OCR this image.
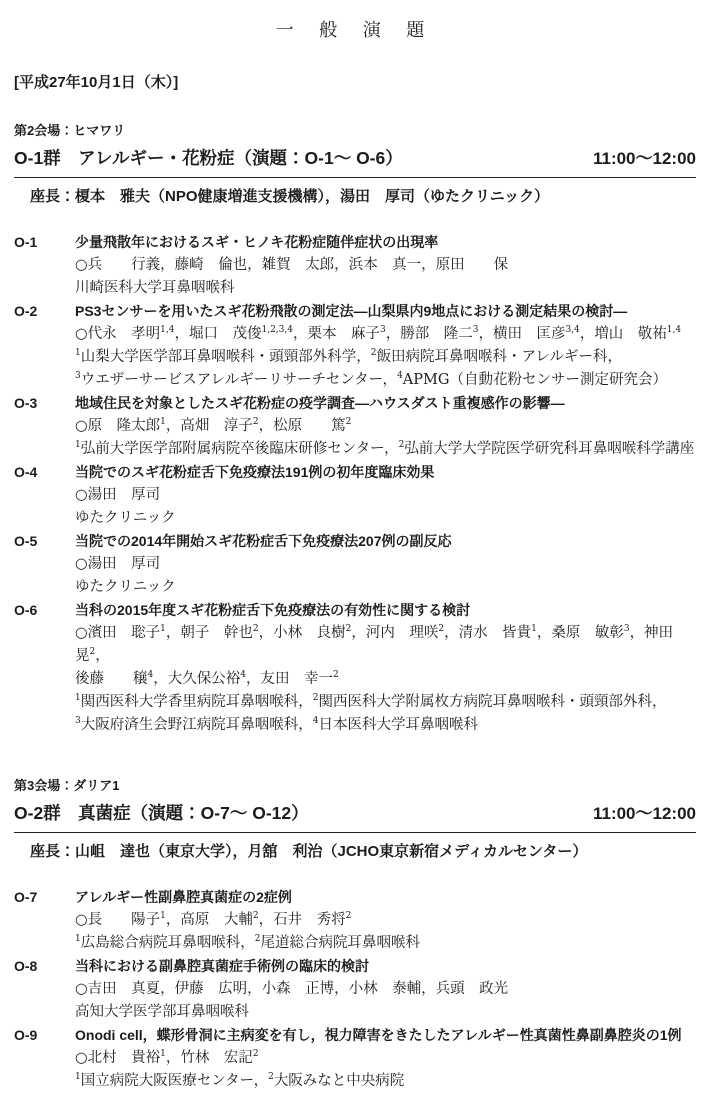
一 般 演 題
[平成27年10月1日（木）]
第2会場：ヒマワリ
O-1群　アレルギー・花粉症（演題：O-1〜 O-6）	11:00〜12:00
座長：榎本　雅夫（NPO健康増進支援機構），湯田　厚司（ゆたクリニック）
O-1	少量飛散年におけるスギ・ヒノキ花粉症随伴症状の出現率
○兵　　行義，藤崎　倫也，雑賀　太郎，浜本　真一，原田　　保
川崎医科大学耳鼻咽喉科
O-2	PS3センサーを用いたスギ花粉飛散の測定法―山梨県内9地点における測定結果の検討―
○代永　孝明$^{1,4}$，堀口　茂俊$^{1,2,3,4}$，栗本　麻子$^3$，勝部　隆二$^3$，横田　匡彦$^{3,4}$，増山　敬祐$^{1,4}$
$^1$山梨大学医学部耳鼻咽喉科・頭頸部外科学，$^2$飯田病院耳鼻咽喉科・アレルギー科，
$^3$ウエザーサービスアレルギーリサーチセンター，$^4$APMG（自動花粉センサー測定研究会）
O-3	地域住民を対象としたスギ花粉症の疫学調査―ハウスダスト重複感作の影響―
○原　隆太郎$^1$，高畑　淳子$^2$，松原　　篤$^2$
$^1$弘前大学医学部附属病院卒後臨床研修センター，$^2$弘前大学大学院医学研究科耳鼻咽喉科学講座
O-4	当院でのスギ花粉症舌下免疫療法191例の初年度臨床効果
○湯田　厚司
ゆたクリニック
O-5	当院での2014年開始スギ花粉症舌下免疫療法207例の副反応
○湯田　厚司
ゆたクリニック
O-6	当科の2015年度スギ花粉症舌下免疫療法の有効性に関する検討
○濱田　聡子$^1$，朝子　幹也$^2$，小林　良樹$^2$，河内　理咲$^2$，清水　皆貴$^1$，桑原　敏彰$^3$，神田　　晃$^2$，
後藤　　穣$^4$，大久保公裕$^4$，友田　幸一$^2$
$^1$関西医科大学香里病院耳鼻咽喉科，$^2$関西医科大学附属枚方病院耳鼻咽喉科・頭頸部外科，
$^3$大阪府済生会野江病院耳鼻咽喉科，$^4$日本医科大学耳鼻咽喉科
第3会場：ダリア1
O-2群　真菌症（演題：O-7〜 O-12）	11:00〜12:00
座長：山岨　達也（東京大学），月舘　利治（JCHO東京新宿メディカルセンター）
O-7	アレルギー性副鼻腔真菌症の2症例
○長　　陽子$^1$，高原　大輔$^2$，石井　秀将$^2$
$^1$広島総合病院耳鼻咽喉科，$^2$尾道総合病院耳鼻咽喉科
O-8	当科における副鼻腔真菌症手術例の臨床的検討
○吉田　真夏，伊藤　広明，小森　正博，小林　泰輔，兵頭　政光
高知大学医学部耳鼻咽喉科
O-9	Onodi cell，蝶形骨洞に主病変を有し，視力障害をきたしたアレルギー性真菌性鼻副鼻腔炎の1例
○北村　貴裕$^1$，竹林　宏記$^2$
$^1$国立病院大阪医療センター，$^2$大阪みなと中央病院
